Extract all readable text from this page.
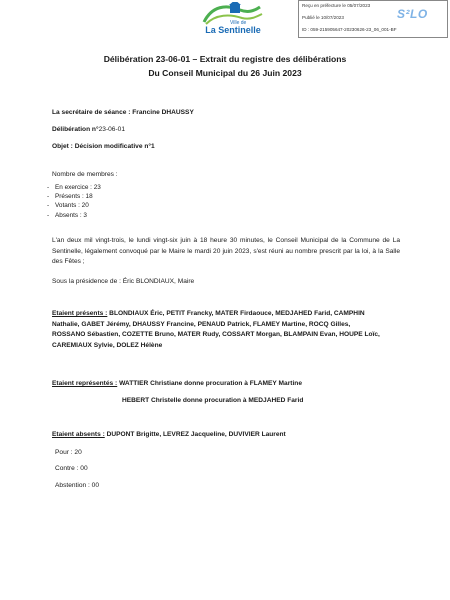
Ville de
La Sentinelle
Reçu en préfecture le 05/07/2023
Publié le 10/07/2023
ID : 059-215905647-20230626-23_06_001-BF
S²LO
Délibération 23-06-01 – Extrait du registre des délibérations
Du Conseil Municipal du 26 Juin 2023
La secrétaire de séance : Francine DHAUSSY
Délibération n°23-06-01
Objet : Décision modificative n°1
Nombre de membres :
- En exercice : 23
- Présents : 18
- Votants : 20
- Absents : 3
L'an deux mil vingt-trois, le lundi vingt-six juin à 18 heure 30 minutes, le Conseil Municipal de la Commune de La Sentinelle, légalement convoqué par le Maire le mardi 20 juin 2023, s'est réuni au nombre prescrit par la loi, à la Salle des Fêtes ;
Sous la présidence de : Éric BLONDIAUX, Maire
Etaient présents : BLONDIAUX Éric, PETIT Francky, MATER Firdaouce, MEDJAHED Farid, CAMPHIN
Nathalie, GABET Jérémy, DHAUSSY Francine, PENAUD Patrick, FLAMEY Martine, ROCQ Gilles,
ROSSANO Sébastien, COZETTE Bruno, MATER Rudy, COSSART Morgan, BLAMPAIN Evan, HOUPE Loïc,
CAREMIAUX Sylvie, DOLEZ Hélène
Etaient représentés : WATTIER Christiane donne procuration à FLAMEY Martine
HEBERT Christelle donne procuration à MEDJAHED Farid
Etaient absents : DUPONT Brigitte, LEVREZ Jacqueline, DUVIVIER Laurent
Pour : 20
Contre : 00
Abstention : 00
